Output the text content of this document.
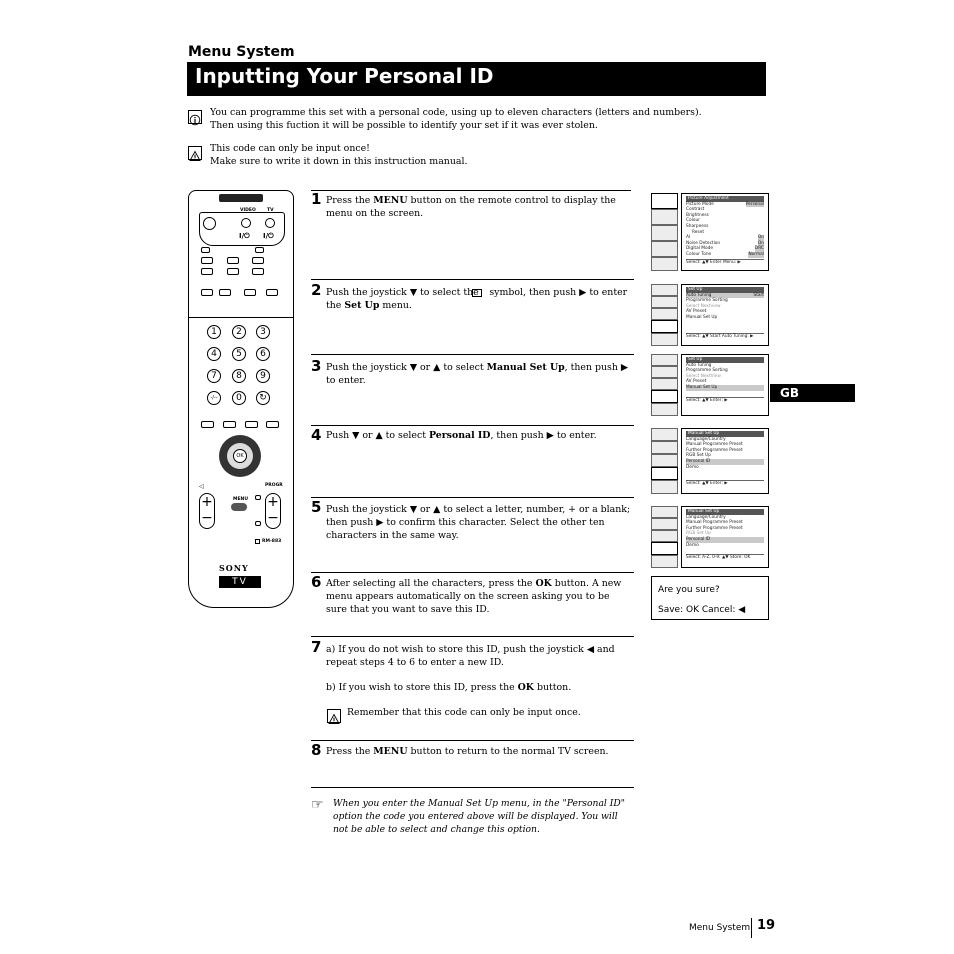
Menu System
Inputting Your Personal ID
You can programme this set with a personal code, using up to eleven characters (letters and numbers). Then using this fuction it will be possible to identify your set if it was ever stolen.
This code can only be input once!
Make sure to write it down in this instruction manual.
VIDEO TV
I/⏻ I/⏻
1	2	3
4	5	6
7	8	9
-/--	0	↻
OK
◁	PROGR
+
−
+
−
MENU
RM-883
SONY
TV
1 Press the MENU button on the remote control to display the menu on the screen.
2 Push the joystick ▼ to select the
  symbol, then push ▶ to enter the Set Up menu.
3 Push the joystick ▼ or ▲ to select Manual Set Up, then push ▶ to enter.
4 Push ▼ or ▲ to select Personal ID, then push ▶ to enter.
5 Push the joystick ▼ or ▲ to select a letter, number, + or a blank; then push ▶ to confirm this character. Select the other ten characters in the same way.
6 After selecting all the characters, press the OK button. A new menu appears automatically on the screen asking you to be sure that you want to save this ID.
7 a) If you do not wish to store this ID, push the joystick ◀ and repeat steps 4 to 6 to enter a new ID.
b) If you wish to store this ID, press the OK button.
Remember that this code can only be input once.
8 Press the MENU button to return to the normal TV screen.
☞ When you enter the Manual Set Up menu, in the "Personal ID" option the code you entered above will be displayed. You will not be able to select and change this option.
Picture Adjustment
Picture Mode	Personal
Contrast
Brightness
Colour
Sharpness
Reset
AI	On
Noise Detection	On
Digital Mode	DRC
Colour Tone	Normal
Select: ▲▼ Enter Menu: ▶
Set Up
Auto Tuning	Start
Programme Sorting
Select Nextview
AV Preset
Manual Set Up
Select: ▲▼ Start Auto Tuning: ▶
Set Up
Auto Tuning
Programme Sorting
Select NextView
AV Preset
Manual Set Up
Select: ▲▼ Enter: ▶
Manual Set Up
Language/Country
Manual Programme Preset
Further Programme Preset
RGB Set Up
Personal ID
Demo
Select: ▲▼ Enter: ▶
Manual Set Up
Language/Country
Manual Programme Preset
Further Programme Preset
RGB Set Up
Personal ID
Demo
Select: A-Z, 0-9: ▲▼ Store: OK
Are you sure?
Save: OK Cancel: ◀
GB
Menu System 19
